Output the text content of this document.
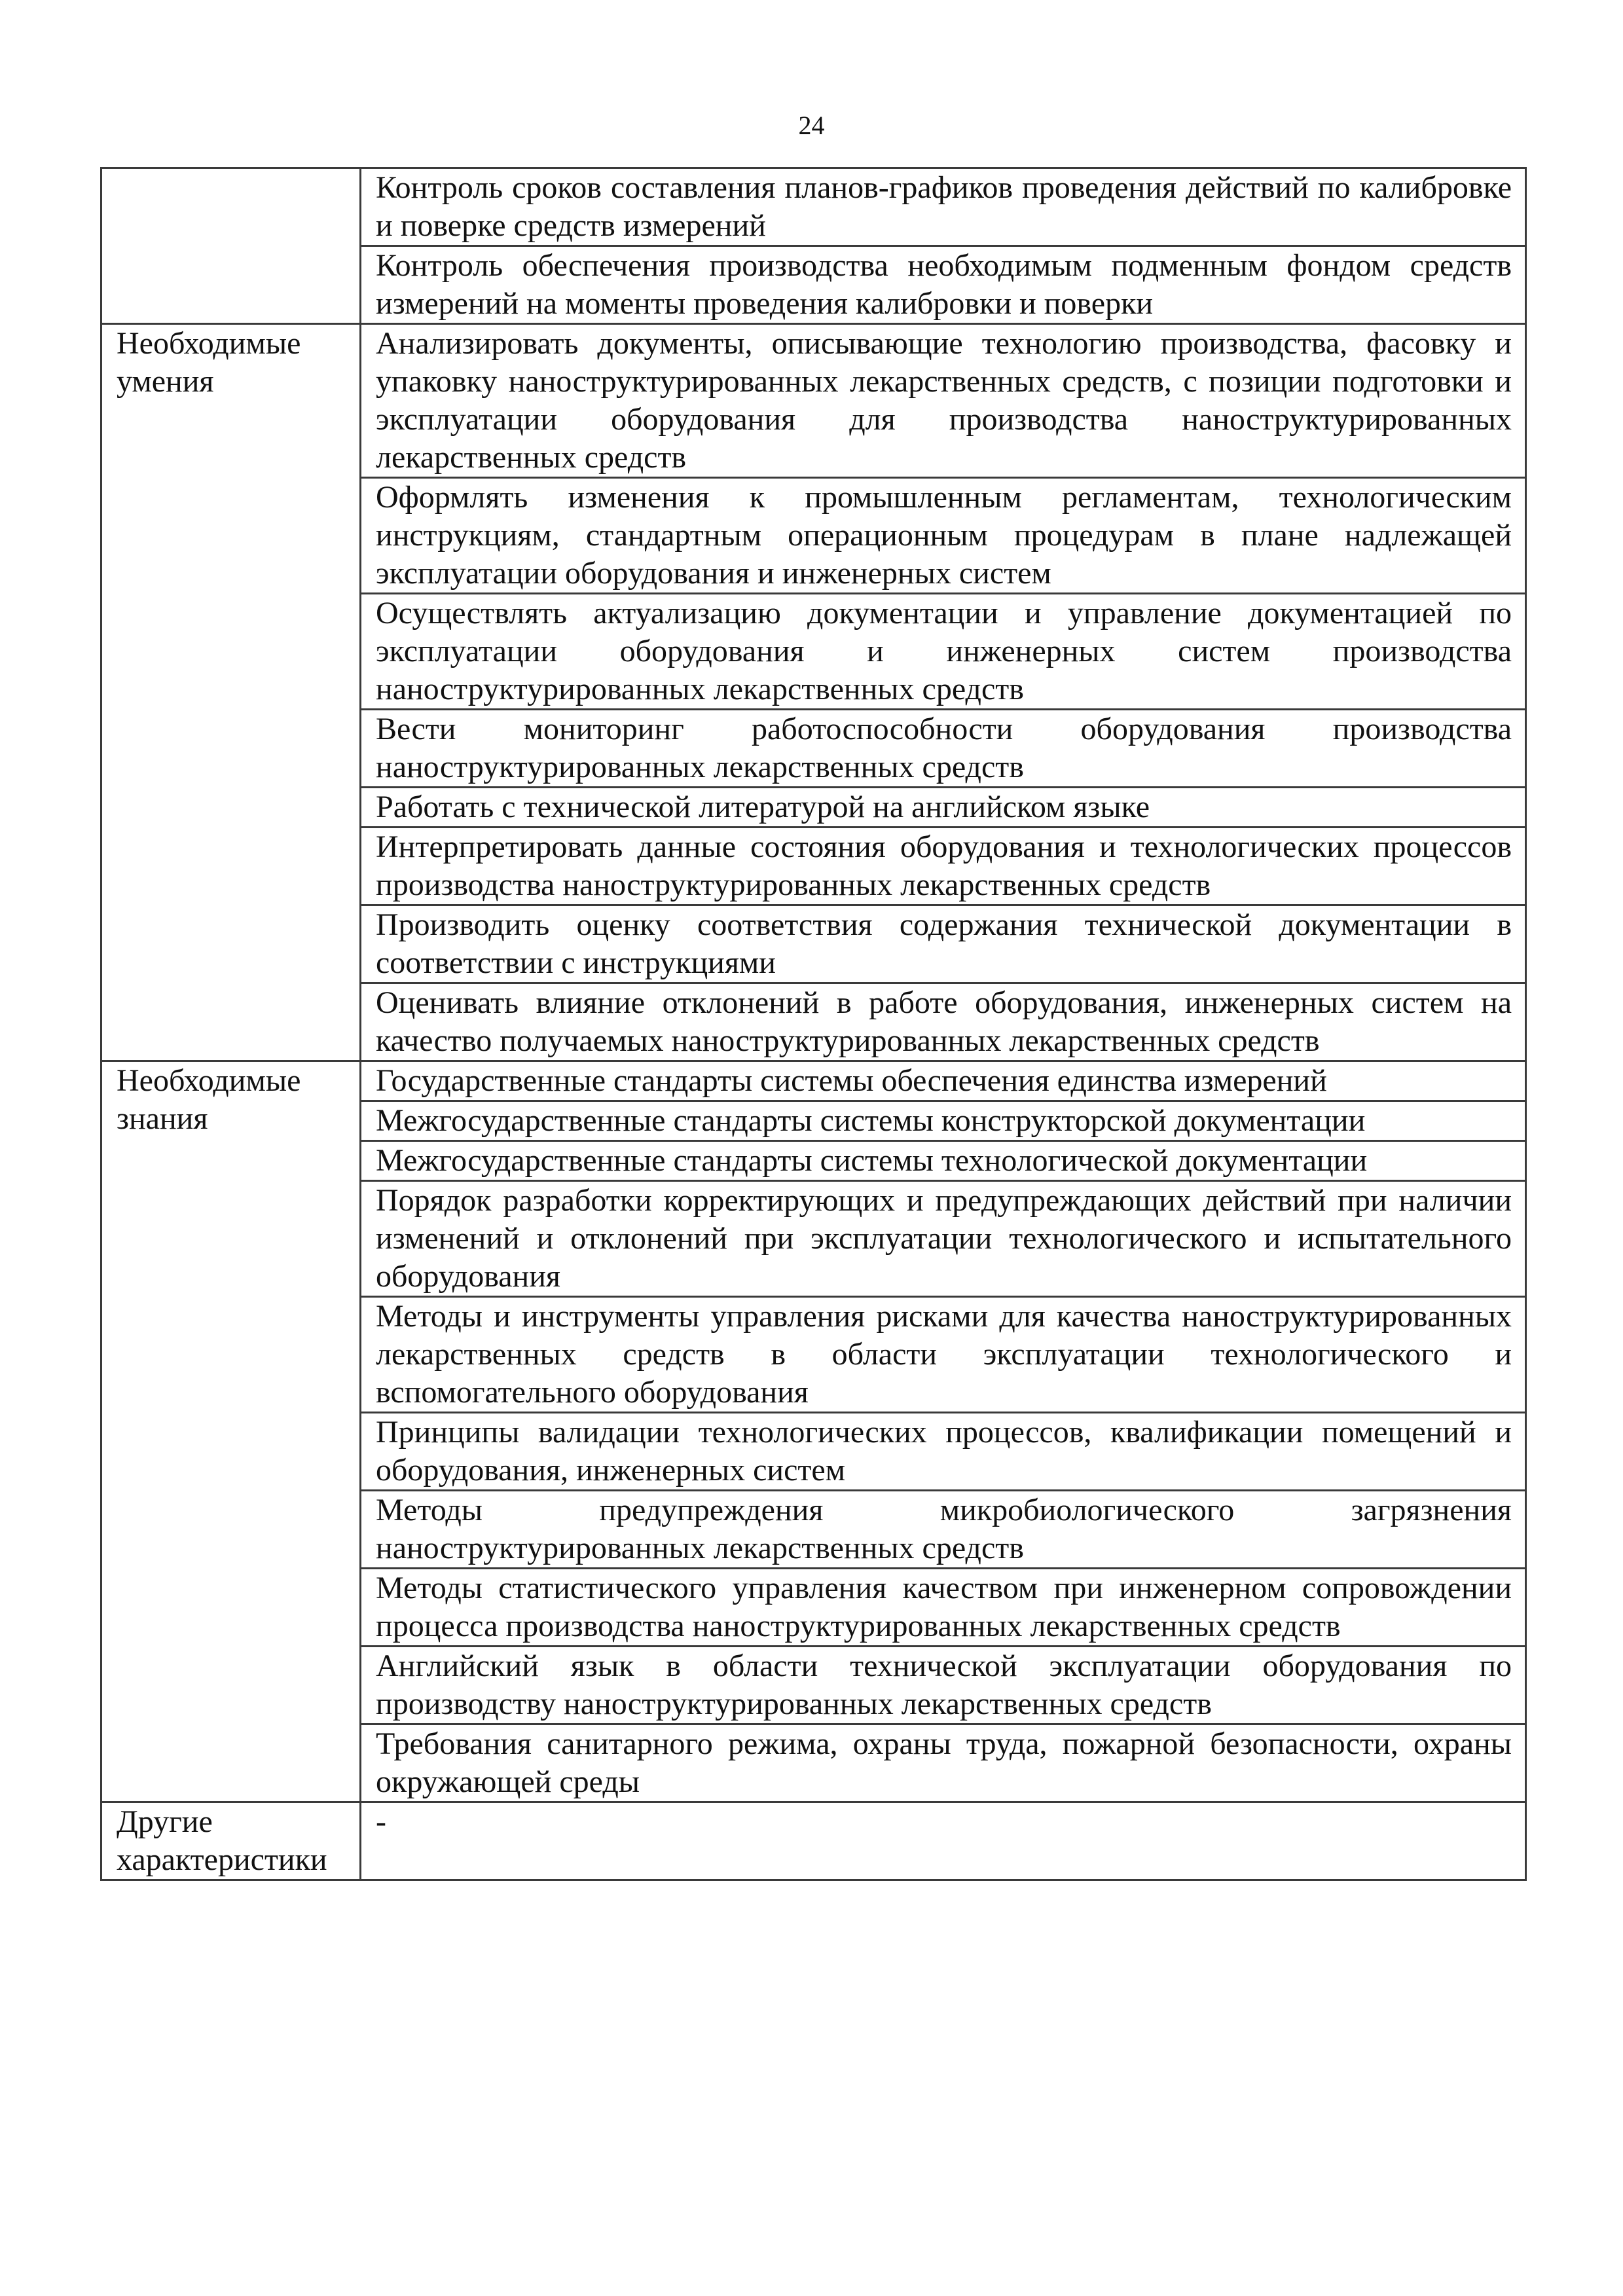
24
	Контроль сроков составления планов-графиков проведения действий по калибровке и поверке средств измерений
	Контроль обеспечения производства необходимым подменным фондом средств измерений на моменты проведения калибровки и поверки
Необходимые умения	Анализировать документы, описывающие технологию производства, фасовку и упаковку наноструктурированных лекарственных средств, с позиции подготовки и эксплуатации оборудования для производства наноструктурированных лекарственных средств
	Оформлять изменения к промышленным регламентам, технологическим инструкциям, стандартным операционным процедурам в плане надлежащей эксплуатации оборудования и инженерных систем
	Осуществлять актуализацию документации и управление документацией по эксплуатации оборудования и инженерных систем производства наноструктурированных лекарственных средств
	Вести мониторинг работоспособности оборудования производства наноструктурированных лекарственных средств
	Работать с технической литературой на английском языке
	Интерпретировать данные состояния оборудования и технологических процессов производства наноструктурированных лекарственных средств
	Производить оценку соответствия содержания технической документации в соответствии с инструкциями
	Оценивать влияние отклонений в работе оборудования, инженерных систем на качество получаемых наноструктурированных лекарственных средств
Необходимые знания	Государственные стандарты системы обеспечения единства измерений
	Межгосударственные стандарты системы конструкторской документации
	Межгосударственные стандарты системы технологической документации
	Порядок разработки корректирующих и предупреждающих действий при наличии изменений и отклонений при эксплуатации технологического и испытательного оборудования
	Методы и инструменты управления рисками для качества наноструктурированных лекарственных средств в области эксплуатации технологического и вспомогательного оборудования
	Принципы валидации технологических процессов, квалификации помещений и оборудования, инженерных систем
	Методы предупреждения микробиологического загрязнения наноструктурированных лекарственных средств
	Методы статистического управления качеством при инженерном сопровождении процесса производства наноструктурированных лекарственных средств
	Английский язык в области технической эксплуатации оборудования по производству наноструктурированных лекарственных средств
	Требования санитарного режима, охраны труда, пожарной безопасности, охраны окружающей среды
Другие характеристики	-
